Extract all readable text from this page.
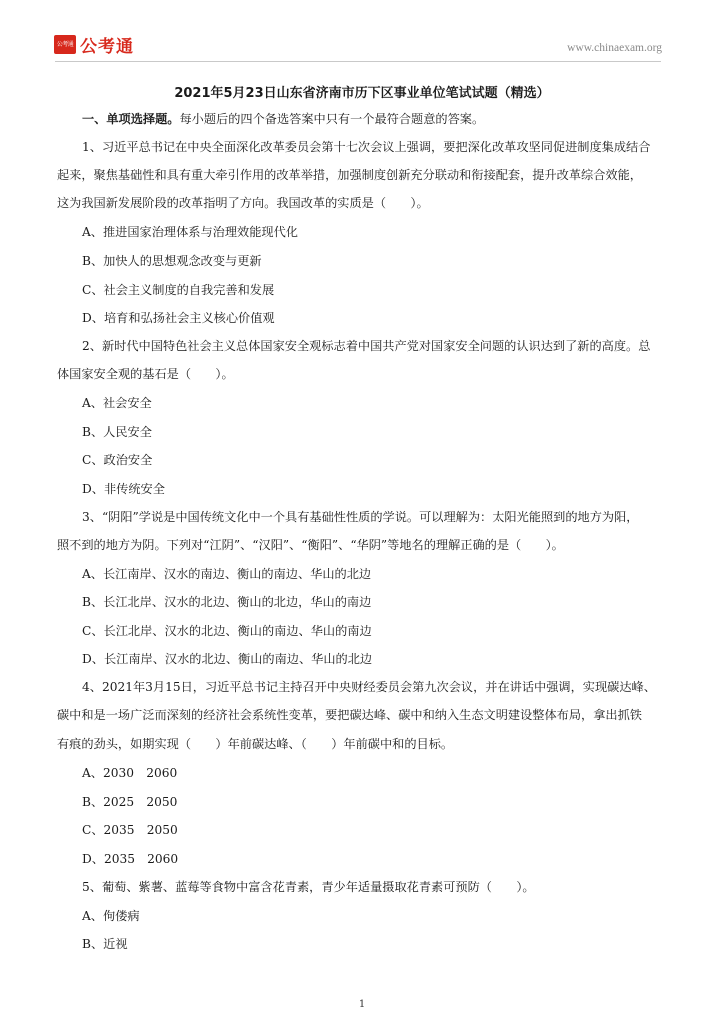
公考通 公考通	www.chinaexam.org
2021年5月23日山东省济南市历下区事业单位笔试试题（精选）
一、单项选择题。每小题后的四个备选答案中只有一个最符合题意的答案。
1、习近平总书记在中央全面深化改革委员会第十七次会议上强调，要把深化改革攻坚同促进制度集成结合
起来，聚焦基础性和具有重大牵引作用的改革举措，加强制度创新充分联动和衔接配套，提升改革综合效能，
这为我国新发展阶段的改革指明了方向。我国改革的实质是（　　）。
A、推进国家治理体系与治理效能现代化
B、加快人的思想观念改变与更新
C、社会主义制度的自我完善和发展
D、培育和弘扬社会主义核心价值观
2、新时代中国特色社会主义总体国家安全观标志着中国共产党对国家安全问题的认识达到了新的高度。总
体国家安全观的基石是（　　）。
A、社会安全
B、人民安全
C、政治安全
D、非传统安全
3、“阴阳”学说是中国传统文化中一个具有基础性性质的学说。可以理解为：太阳光能照到的地方为阳，
照不到的地方为阴。下列对“江阴”、“汉阳”、“衡阳”、“华阴”等地名的理解正确的是（　　）。
A、长江南岸、汉水的南边、衡山的南边、华山的北边
B、长江北岸、汉水的北边、衡山的北边，华山的南边
C、长江北岸、汉水的北边、衡山的南边、华山的南边
D、长江南岸、汉水的北边、衡山的南边、华山的北边
4、2021年3月15日，习近平总书记主持召开中央财经委员会第九次会议，并在讲话中强调，实现碳达峰、
碳中和是一场广泛而深刻的经济社会系统性变革，要把碳达峰、碳中和纳入生态文明建设整体布局，拿出抓铁
有痕的劲头，如期实现（　　）年前碳达峰、（　　）年前碳中和的目标。
A、2030　2060
B、2025　2050
C、2035　2050
D、2035　2060
5、葡萄、紫薯、蓝莓等食物中富含花青素，青少年适量摄取花青素可预防（　　）。
A、佝偻病
B、近视
1
